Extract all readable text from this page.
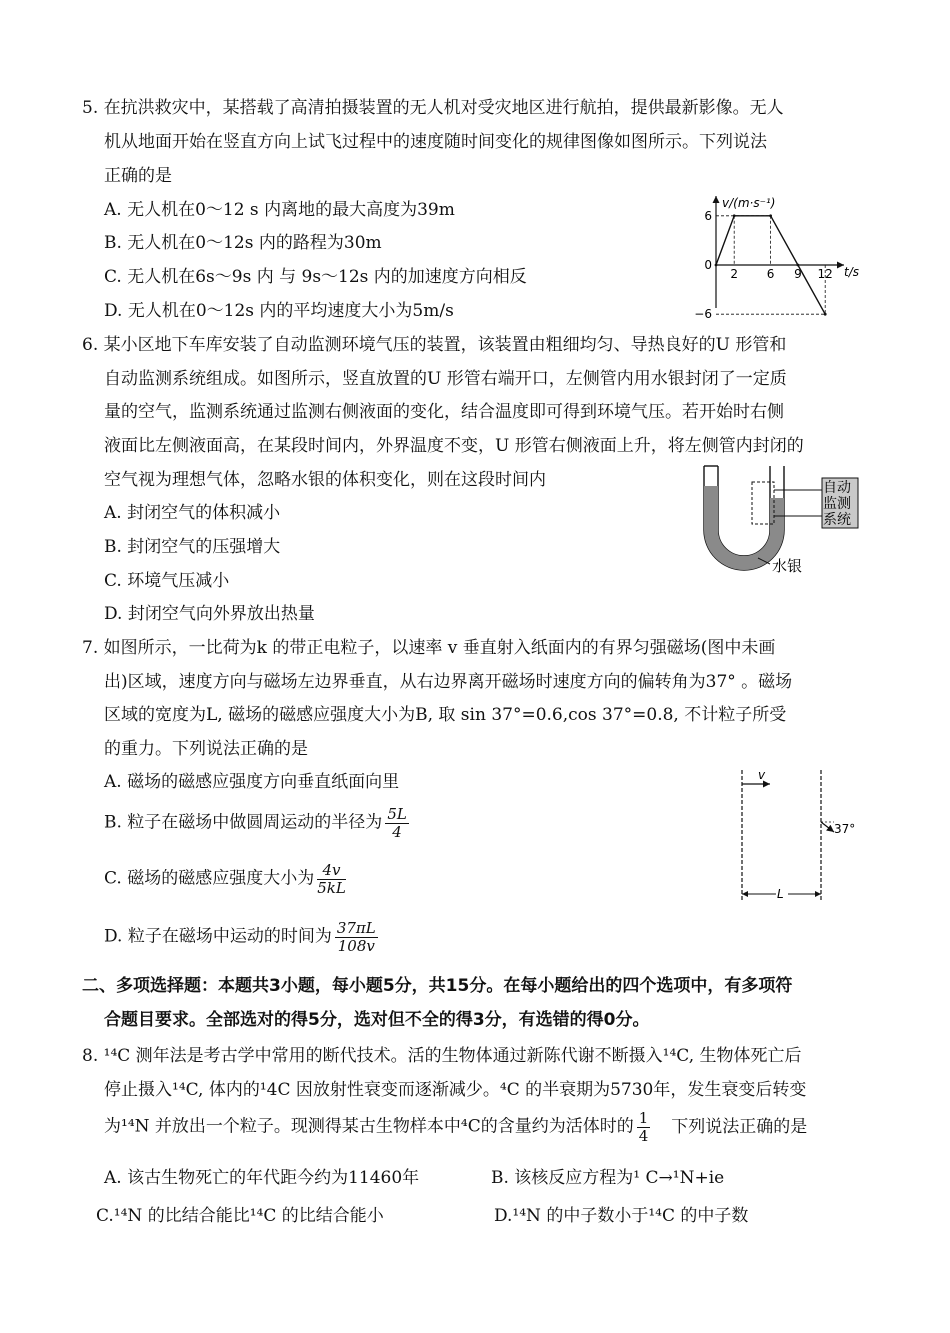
5. 在抗洪救灾中，某搭载了高清拍摄装置的无人机对受灾地区进行航拍，提供最新影像。无人
机从地面开始在竖直方向上试飞过程中的速度随时间变化的规律图像如图所示。下列说法
正确的是
A. 无人机在0～12 s 内离地的最大高度为39m
B. 无人机在0～12s 内的路程为30m
C. 无人机在6s～9s 内 与 9s～12s 内的加速度方向相反
D. 无人机在0～12s 内的平均速度大小为5m/s
v/(m·s⁻¹)
t/s
6
0
−6
2 6 9 12
6. 某小区地下车库安装了自动监测环境气压的装置，该装置由粗细均匀、导热良好的U 形管和
自动监测系统组成。如图所示，竖直放置的U 形管右端开口，左侧管内用水银封闭了一定质
量的空气，监测系统通过监测右侧液面的变化，结合温度即可得到环境气压。若开始时右侧
液面比左侧液面高，在某段时间内，外界温度不变，U 形管右侧液面上升，将左侧管内封闭的
空气视为理想气体，忽略水银的体积变化，则在这段时间内
A. 封闭空气的体积减小
B. 封闭空气的压强增大
C. 环境气压减小
D. 封闭空气向外界放出热量
自动
监测
系统
水银
7. 如图所示，一比荷为k 的带正电粒子，以速率 v 垂直射入纸面内的有界匀强磁场(图中未画
出)区域，速度方向与磁场左边界垂直，从右边界离开磁场时速度方向的偏转角为37° 。磁场
区域的宽度为L, 磁场的磁感应强度大小为B, 取 sin 37°=0.6,cos 37°=0.8, 不计粒子所受
的重力。下列说法正确的是
A. 磁场的磁感应强度方向垂直纸面向里
B. 粒子在磁场中做圆周运动的半径为 $\frac{5L}{4}$
C. 磁场的磁感应强度大小为 $\frac{4v}{5kL}$
D. 粒子在磁场中运动的时间为 $\frac{37\pi L}{108v}$
v
37°
L
二、多项选择题：本题共3小题，每小题5分，共15分。在每小题给出的四个选项中，有多项符
合题目要求。全部选对的得5分，选对但不全的得3分，有选错的得0分。
8. ¹⁴C 测年法是考古学中常用的断代技术。活的生物体通过新陈代谢不断摄入¹⁴C, 生物体死亡后
停止摄入¹⁴C, 体内的¹4C 因放射性衰变而逐渐减少。⁴C 的半衰期为5730年，发生衰变后转变
为¹⁴N 并放出一个粒子。现测得某古生物样本中⁴C的含量约为活体时的 $\frac{1}{4}$ 下列说法正确的是
A. 该古生物死亡的年代距今约为11460年	B. 该核反应方程为¹ C→¹N+ie
C.¹⁴N 的比结合能比¹⁴C 的比结合能小	D.¹⁴N 的中子数小于¹⁴C 的中子数
